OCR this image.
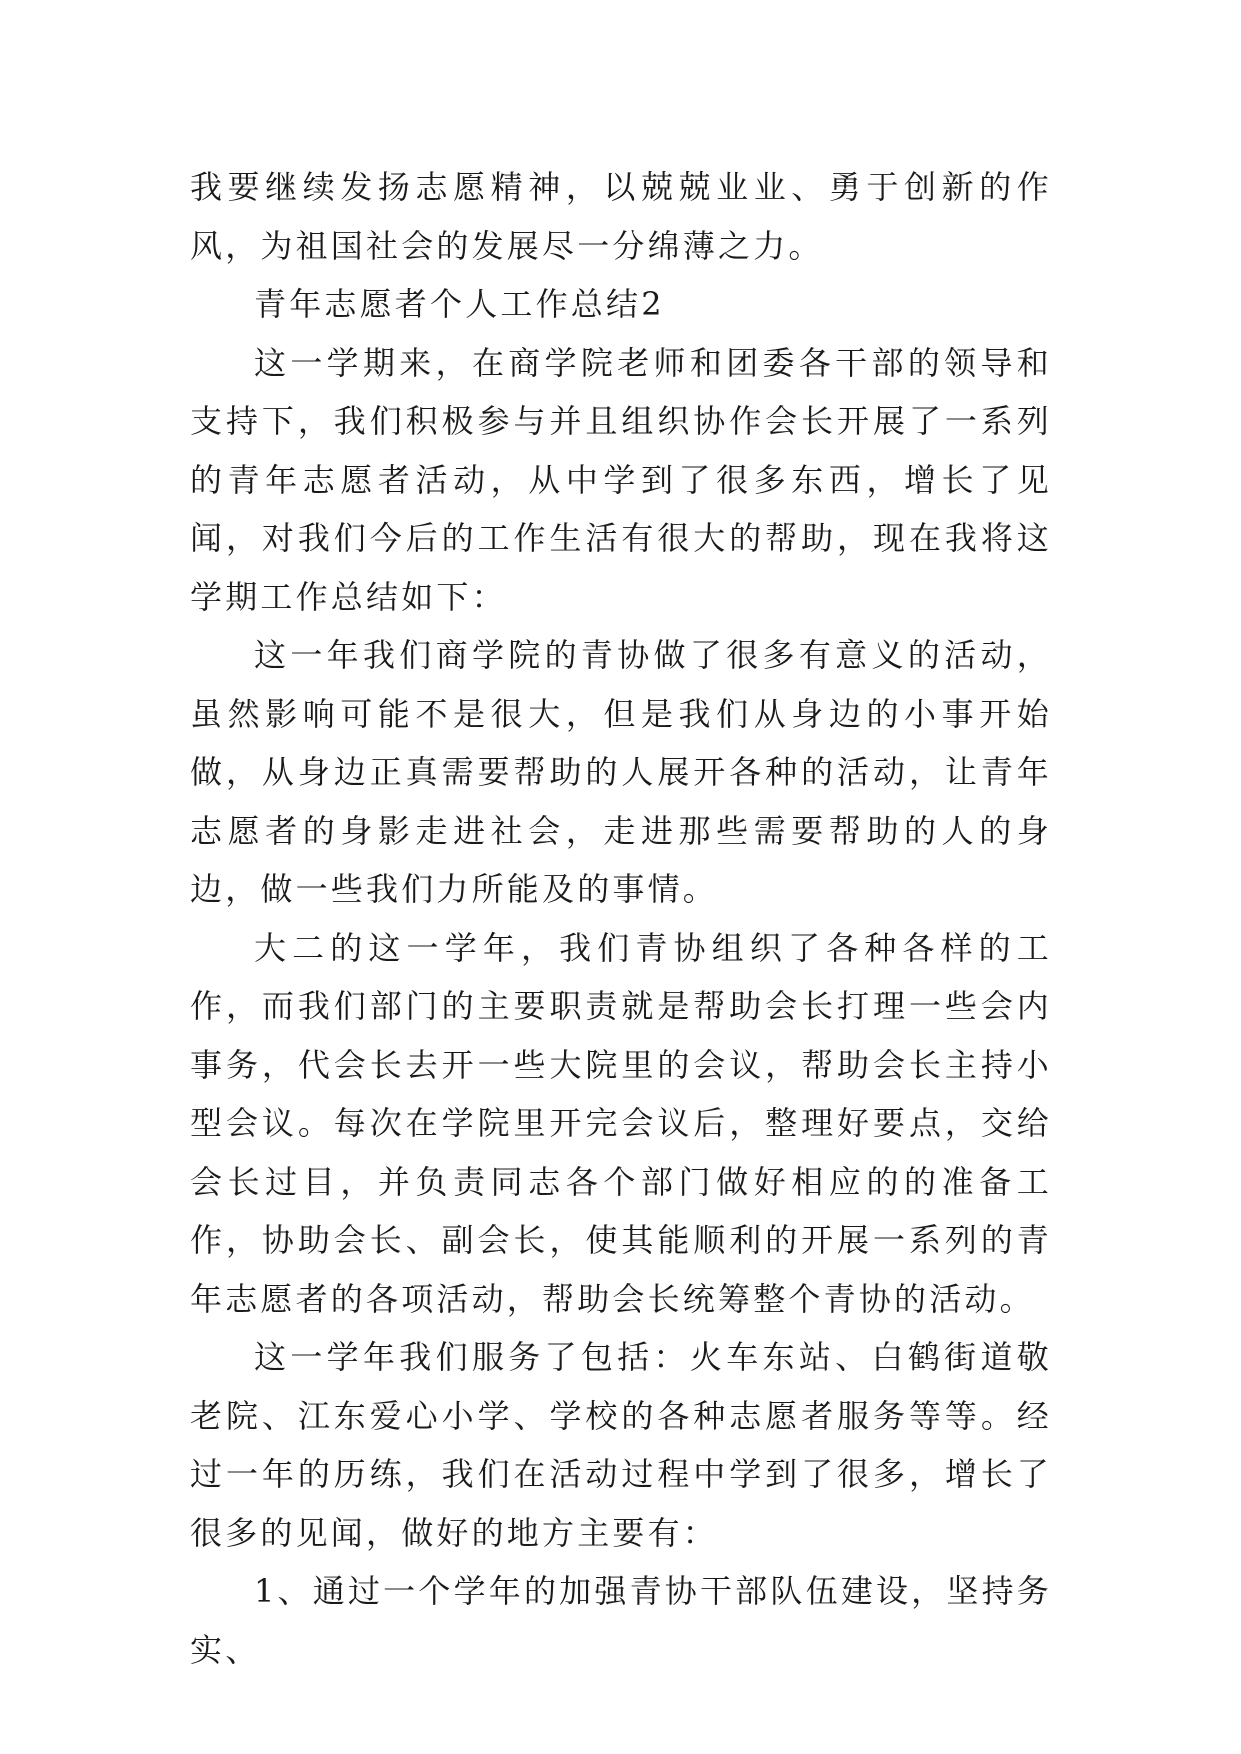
我要继续发扬志愿精神，以兢兢业业、勇于创新的作风，为祖国社会的发展尽一分绵薄之力。

青年志愿者个人工作总结2

这一学期来，在商学院老师和团委各干部的领导和支持下，我们积极参与并且组织协作会长开展了一系列的青年志愿者活动，从中学到了很多东西，增长了见闻，对我们今后的工作生活有很大的帮助，现在我将这学期工作总结如下：

这一年我们商学院的青协做了很多有意义的活动，虽然影响可能不是很大，但是我们从身边的小事开始做，从身边正真需要帮助的人展开各种的活动，让青年志愿者的身影走进社会，走进那些需要帮助的人的身边，做一些我们力所能及的事情。

大二的这一学年，我们青协组织了各种各样的工作，而我们部门的主要职责就是帮助会长打理一些会内事务，代会长去开一些大院里的会议，帮助会长主持小型会议。每次在学院里开完会议后，整理好要点，交给会长过目，并负责同志各个部门做好相应的的准备工作，协助会长、副会长，使其能顺利的开展一系列的青年志愿者的各项活动，帮助会长统筹整个青协的活动。

这一学年我们服务了包括：火车东站、白鹤街道敬老院、江东爱心小学、学校的各种志愿者服务等等。经过一年的历练，我们在活动过程中学到了很多，增长了很多的见闻，做好的地方主要有：

1、通过一个学年的加强青协干部队伍建设，坚持务实、
